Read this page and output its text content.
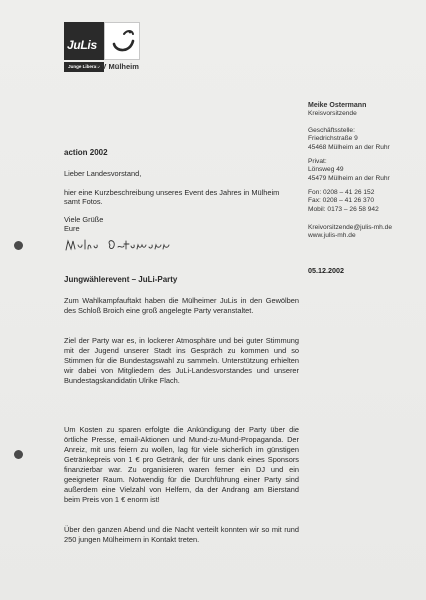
JuLis
Junge Liberale
KV Mülheim
Meike Ostermann
Kreisvorsitzende
Geschäftsstelle:
Friedrichstraße 9
45468 Mülheim an der Ruhr
Privat:
Lönsweg 49
45479 Mülheim an der Ruhr
Fon: 0208 – 41 26 152
Fax: 0208 – 41 26 370
Mobil: 0173 – 26 58 942
Kreivorsitzende@julis-mh.de
www.julis-mh.de
05.12.2002
action 2002
Lieber Landesvorstand,
hier eine Kurzbeschreibung unseres Event des Jahres in Mülheim samt Fotos.
Viele Grüße
Eure
Jungwählerevent – JuLi-Party
Zum Wahlkampfauftakt haben die Mülheimer JuLis in den Gewölben des Schloß Broich eine groß angelegte Party veranstaltet.
Ziel der Party war es, in lockerer Atmosphäre und bei guter Stimmung mit der Jugend unserer Stadt ins Gespräch zu kommen und so Stimmen für die Bundestagswahl zu sammeln. Unterstützung erhielten wir dabei von Mitgliedern des JuLi-Landesvorstandes und unserer Bundestagskandidatin Ulrike Flach.
Um Kosten zu sparen erfolgte die Ankündigung der Party über die örtliche Presse, email-Aktionen und Mund-zu-Mund-Propaganda. Der Anreiz, mit uns feiern zu wollen, lag für viele sicherlich im günstigen Getränkepreis von 1 € pro Getränk, der für uns dank eines Sponsors finanzierbar war. Zu organisieren waren ferner ein DJ und ein geeigneter Raum. Notwendig für die Durchführung einer Party sind außerdem eine Vielzahl von Helfern, da der Andrang am Bierstand beim Preis von 1 € enorm ist!
Über den ganzen Abend und die Nacht verteilt konnten wir so mit rund 250 jungen Mülheimern in Kontakt treten.
